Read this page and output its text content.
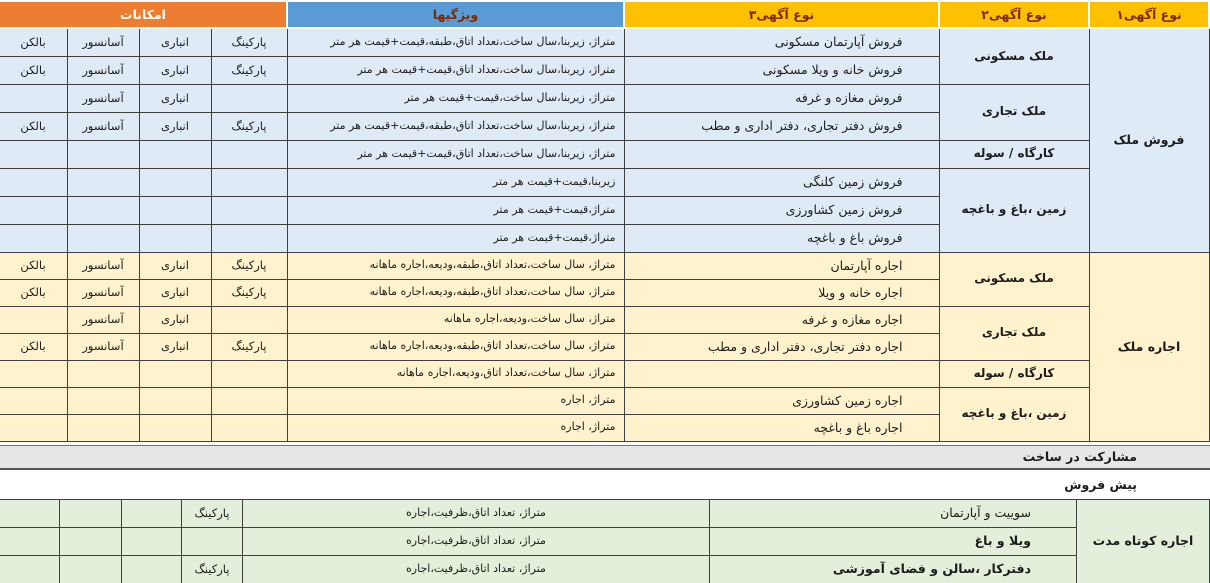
نوع آگهی۱	نوع آگهی۲	نوع آگهی۳	ویژگیها	امکانات			
فروش ملک	ملک مسکونی	فروش آپارتمان مسکونی	متراژ، زیربنا،سال ساخت،تعداد اتاق،طبقه،قیمت+قیمت هر متر	پارکینگ	انباری	آسانسور	بالکن
		فروش خانه و ویلا مسکونی	متراژ، زیربنا،سال ساخت،تعداد اتاق،قیمت+قیمت هر متر	پارکینگ	انباری	آسانسور	بالکن
	ملک تجاری	فروش مغازه و غرفه	متراژ، زیربنا،سال ساخت،قیمت+قیمت هر متر		انباری	آسانسور	
		فروش دفتر تجاری، دفتر اداری و مطب	متراژ، زیربنا،سال ساخت،تعداد اتاق،طبقه،قیمت+قیمت هر متر	پارکینگ	انباری	آسانسور	بالکن
	کارگاه / سوله		متراژ، زیربنا،سال ساخت،تعداد اتاق،قیمت+قیمت هر متر				
	زمین ،باغ و باغچه	فروش زمین کلنگی	زیربنا،قیمت+قیمت هر متر				
		فروش زمین کشاورزی	متراژ،قیمت+قیمت هر متر				
		فروش باغ و باغچه	متراژ،قیمت+قیمت هر متر				
اجاره ملک	ملک مسکونی	اجاره آپارتمان	متراژ، سال ساخت،تعداد اتاق،طبقه،ودیعه،اجاره ماهانه	پارکینگ	انباری	آسانسور	بالکن
		اجاره خانه و ویلا	متراژ، سال ساخت،تعداد اتاق،طبقه،ودیعه،اجاره ماهانه	پارکینگ	انباری	آسانسور	بالکن
	ملک تجاری	اجاره مغازه و غرفه	متراژ، سال ساخت،ودیعه،اجاره ماهانه		انباری	آسانسور	
		اجاره دفتر تجاری، دفتر اداری و مطب	متراژ، سال ساخت،تعداد اتاق،طبقه،ودیعه،اجاره ماهانه	پارکینگ	انباری	آسانسور	بالکن
	کارگاه / سوله		متراژ، سال ساخت،تعداد اتاق،ودیعه،اجاره ماهانه				
	زمین ،باغ و باغچه	اجاره زمین کشاورزی	متراژ، اجاره				
		اجاره باغ و باغچه	متراژ، اجاره				
مشارکت در ساخت
پیش فروش
اجاره کوتاه مدت	سوییت و آپارتمان	متراژ، تعداد اتاق،ظرفیت،اجاره	پارکینگ			
	ویلا و باغ	متراژ، تعداد اتاق،ظرفیت،اجاره				
	دفترکار ،سالن و فضای آموزشی	متراژ، تعداد اتاق،ظرفیت،اجاره	پارکینگ			
